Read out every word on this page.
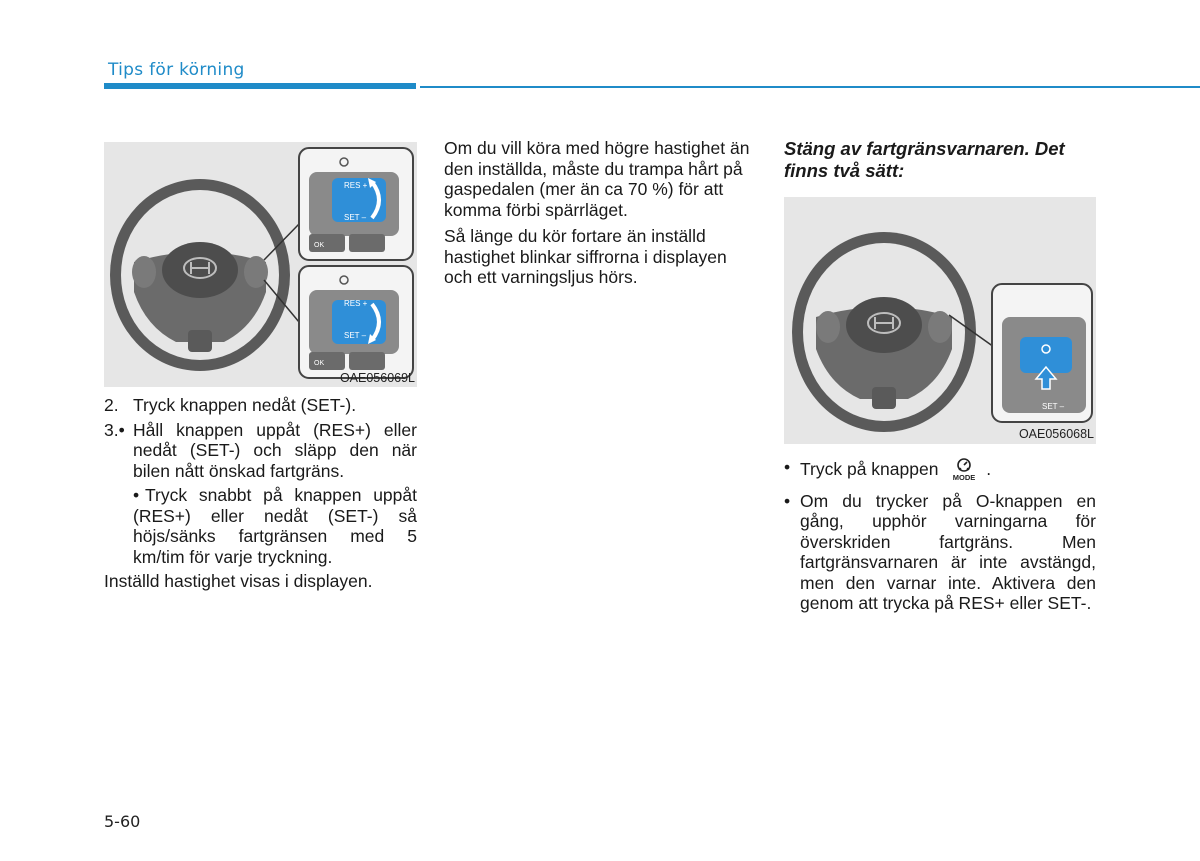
Tips för körning
RES +
SET –
OK
RES +
SET –
OK
OAE056069L
2. Tryck knappen nedåt (SET-).
3.• Håll knappen uppåt (RES+) eller nedåt (SET-) och släpp den när bilen nått önskad fartgräns.
• Tryck snabbt på knappen uppåt (RES+) eller nedåt (SET-) så höjs/sänks fartgränsen med 5 km/tim för varje tryckning.

Inställd hastighet visas i displayen.

Om du vill köra med högre hastighet än den inställda, måste du trampa hårt på gaspedalen (mer än ca 70 %) för att komma förbi spärrläget.

Så länge du kör fortare än inställd hastighet blinkar siffrorna i displayen och ett varningsljus hörs.

Stäng av fartgränsvarnaren. Det finns två sätt:

SET –
OAE056068L
• Tryck på knappen MODE .
• Om du trycker på O-knappen en gång, upphör varningarna för överskriden fartgräns. Men fartgränsvarnaren är inte avstängd, men den varnar inte. Aktivera den genom att trycka på RES+ eller SET-.
5-60
